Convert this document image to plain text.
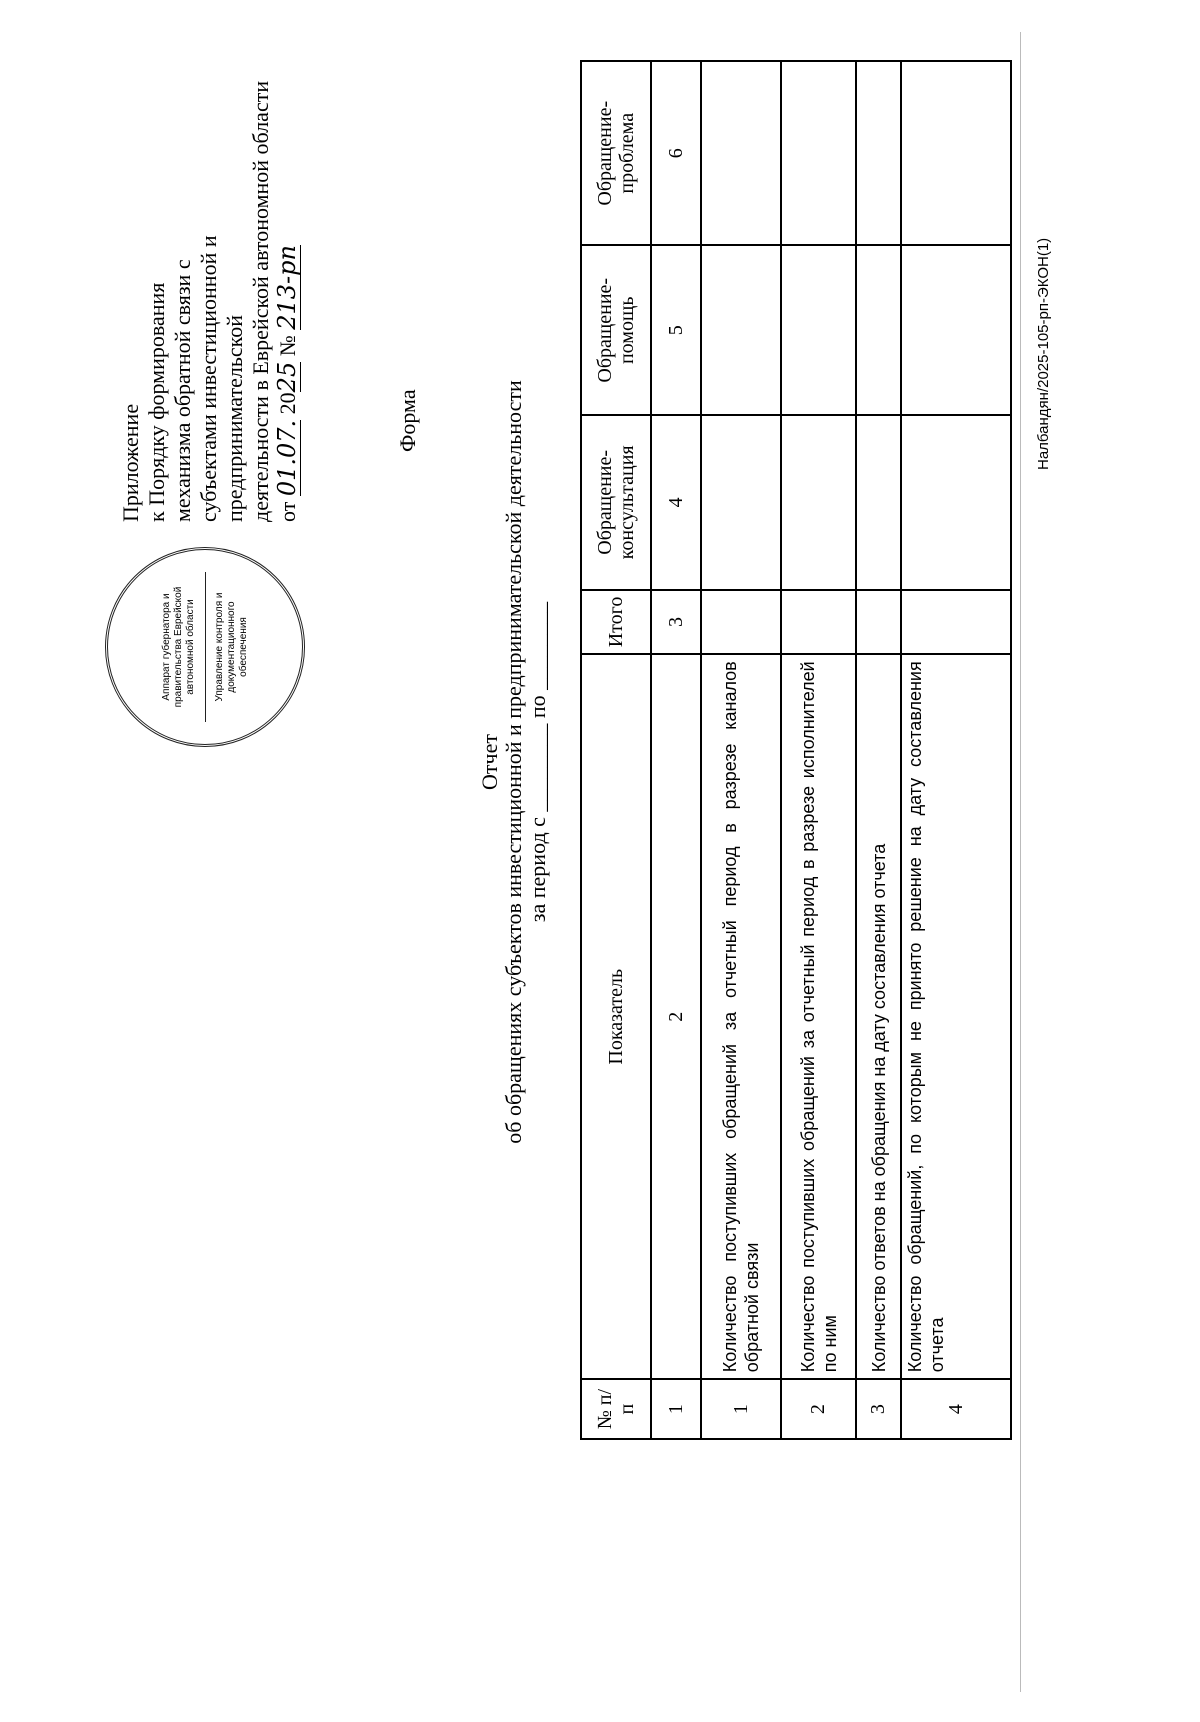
Аппарат губернатора и правительства Еврейской автономной области	Управление контроля и документационного обеспечения
Приложение к Порядку формирования механизма обратной связи с субъектами инвестиционной и предпринимательской деятельности в Еврейской автономной области от 01.07. 2025 № 213-рп
Форма
Отчет об обращениях субъектов инвестиционной и предпринимательской деятельности за период с ________ по ________
№ п/п	Показатель	Итого	Обращение-консультация	Обращение-помощь	Обращение-проблема
1	2	3	4	5	6
1	Количество поступивших обращений за отчетный период в разрезе каналов обратной связи				
2	Количество поступивших обращений за отчетный период в разрезе исполнителей по ним				
3	Количество ответов на обращения на дату составления отчета				
4	Количество обращений, по которым не принято решение на дату составления отчета				
Налбандян/2025-105-рп-ЭКОН(1)
